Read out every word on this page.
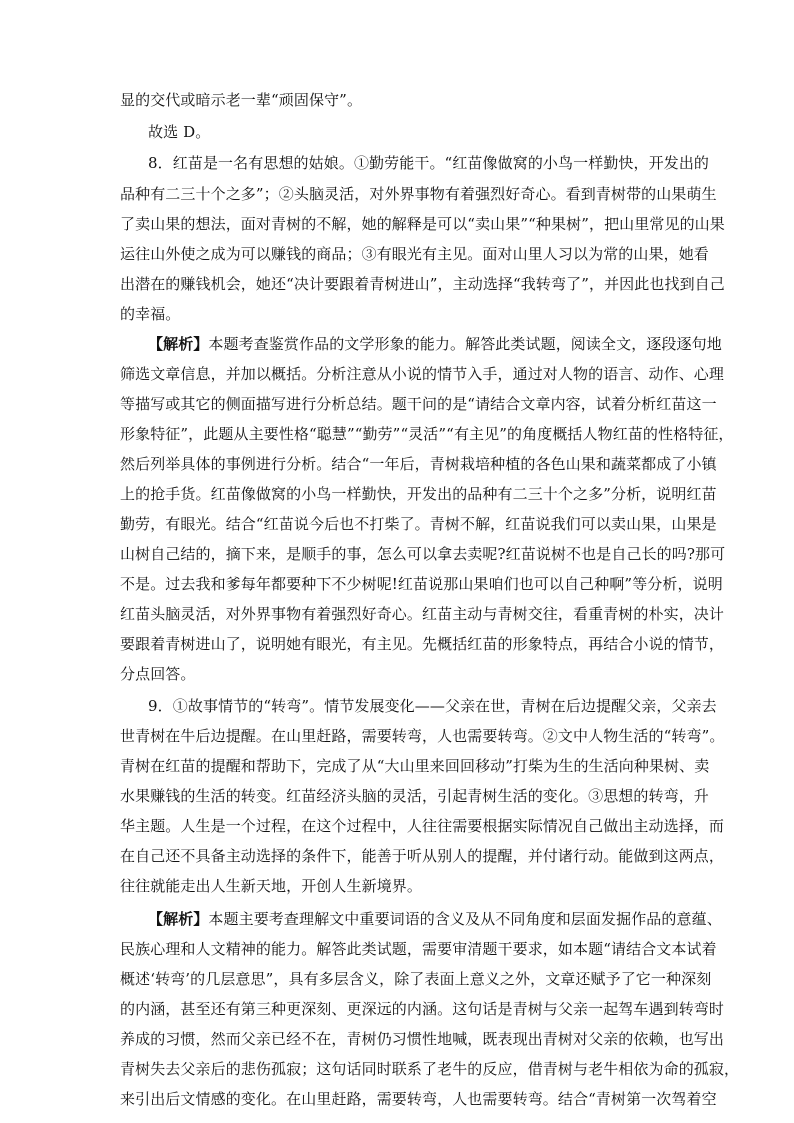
显的交代或暗示老一辈“顽固保守”。
故选 D。
8．红苗是一名有思想的姑娘。①勤劳能干。“红苗像做窝的小鸟一样勤快，开发出的
品种有二三十个之多”；②头脑灵活，对外界事物有着强烈好奇心。看到青树带的山果萌生
了卖山果的想法，面对青树的不解，她的解释是可以“卖山果”“种果树”，把山里常见的山果
运往山外使之成为可以赚钱的商品；③有眼光有主见。面对山里人习以为常的山果，她看
出潜在的赚钱机会，她还“决计要跟着青树进山”，主动选择“我转弯了”，并因此也找到自己
的幸福。
【解析】本题考查鉴赏作品的文学形象的能力。解答此类试题，阅读全文，逐段逐句地
筛选文章信息，并加以概括。分析注意从小说的情节入手，通过对人物的语言、动作、心理
等描写或其它的侧面描写进行分析总结。题干问的是“请结合文章内容，试着分析红苗这一
形象特征”，此题从主要性格“聪慧”“勤劳”“灵活”“有主见”的角度概括人物红苗的性格特征，
然后列举具体的事例进行分析。结合“一年后，青树栽培种植的各色山果和蔬菜都成了小镇
上的抢手货。红苗像做窝的小鸟一样勤快，开发出的品种有二三十个之多”分析，说明红苗
勤劳，有眼光。结合“红苗说今后也不打柴了。青树不解，红苗说我们可以卖山果，山果是
山树自己结的，摘下来，是顺手的事，怎么可以拿去卖呢?红苗说树不也是自己长的吗?那可
不是。过去我和爹每年都要种下不少树呢!红苗说那山果咱们也可以自己种啊”等分析，说明
红苗头脑灵活，对外界事物有着强烈好奇心。红苗主动与青树交往，看重青树的朴实，决计
要跟着青树进山了，说明她有眼光，有主见。先概括红苗的形象特点，再结合小说的情节，
分点回答。
9．①故事情节的“转弯”。情节发展变化——父亲在世，青树在后边提醒父亲，父亲去
世青树在牛后边提醒。在山里赶路，需要转弯，人也需要转弯。②文中人物生活的“转弯”。
青树在红苗的提醒和帮助下，完成了从“大山里来回回移动”打柴为生的生活向种果树、卖
水果赚钱的生活的转变。红苗经济头脑的灵活，引起青树生活的变化。③思想的转弯，升
华主题。人生是一个过程，在这个过程中，人往往需要根据实际情况自己做出主动选择，而
在自己还不具备主动选择的条件下，能善于听从别人的提醒，并付诸行动。能做到这两点，
往往就能走出人生新天地，开创人生新境界。
【解析】本题主要考查理解文中重要词语的含义及从不同角度和层面发掘作品的意蕴、
民族心理和人文精神的能力。解答此类试题，需要审清题干要求，如本题“请结合文本试着
概述‘转弯’的几层意思”，具有多层含义，除了表面上意义之外，文章还赋予了它一种深刻
的内涵，甚至还有第三种更深刻、更深远的内涵。这句话是青树与父亲一起驾车遇到转弯时
养成的习惯，然而父亲已经不在，青树仍习惯性地喊，既表现出青树对父亲的依赖，也写出
青树失去父亲后的悲伤孤寂；这句话同时联系了老牛的反应，借青树与老牛相依为命的孤寂，
来引出后文情感的变化。在山里赶路，需要转弯，人也需要转弯。结合“青树第一次驾着空
